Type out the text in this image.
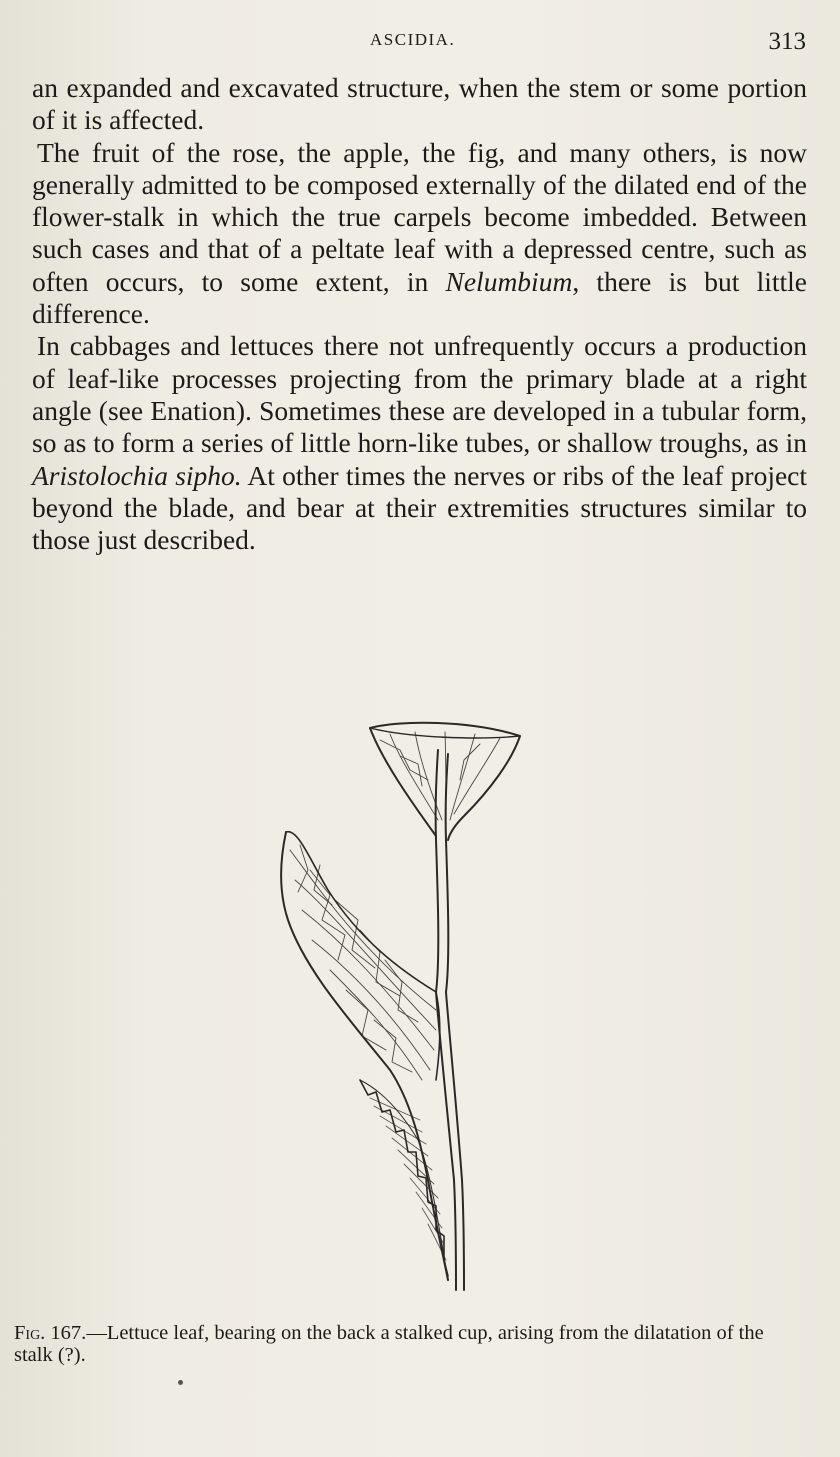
ASCIDIA.	313

an expanded and excavated structure, when the stem or some portion of it is affected.

The fruit of the rose, the apple, the fig, and many others, is now generally admitted to be composed externally of the dilated end of the flower-stalk in which the true carpels become imbedded. Between such cases and that of a peltate leaf with a depressed centre, such as often occurs, to some extent, in Nelumbium, there is but little difference.

In cabbages and lettuces there not unfrequently occurs a production of leaf-like processes projecting from the primary blade at a right angle (see Enation). Sometimes these are developed in a tubular form, so as to form a series of little horn-like tubes, or shallow troughs, as in Aristolochia sipho. At other times the nerves or ribs of the leaf project beyond the blade, and bear at their extremities structures similar to those just described.

Fig. 167.—Lettuce leaf, bearing on the back a stalked cup, arising from the dilatation of the stalk (?).
